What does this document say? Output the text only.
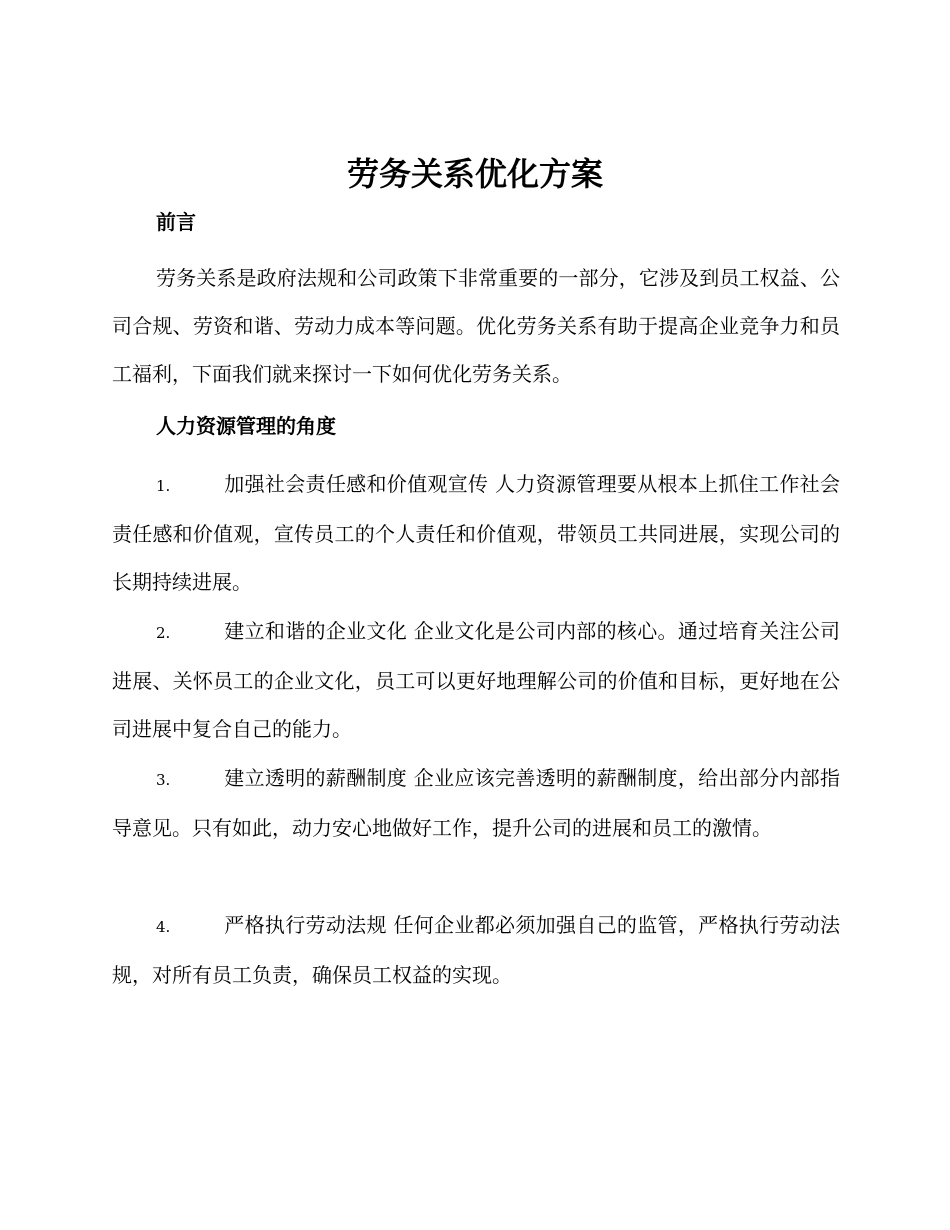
劳务关系优化方案
前言

劳务关系是政府法规和公司政策下非常重要的一部分，它涉及到员工权益、公司合规、劳资和谐、劳动力成本等问题。优化劳务关系有助于提高企业竞争力和员工福利，下面我们就来探讨一下如何优化劳务关系。

人力资源管理的角度

1.	加强社会责任感和价值观宣传 人力资源管理要从根本上抓住工作社会责任感和价值观，宣传员工的个人责任和价值观，带领员工共同进展，实现公司的长期持续进展。

2.	建立和谐的企业文化 企业文化是公司内部的核心。通过培育关注公司进展、关怀员工的企业文化，员工可以更好地理解公司的价值和目标，更好地在公司进展中复合自己的能力。

3.	建立透明的薪酬制度 企业应该完善透明的薪酬制度，给出部分内部指导意见。只有如此，动力安心地做好工作，提升公司的进展和员工的激情。

4.	严格执行劳动法规 任何企业都必须加强自己的监管，严格执行劳动法规，对所有员工负责，确保员工权益的实现。
